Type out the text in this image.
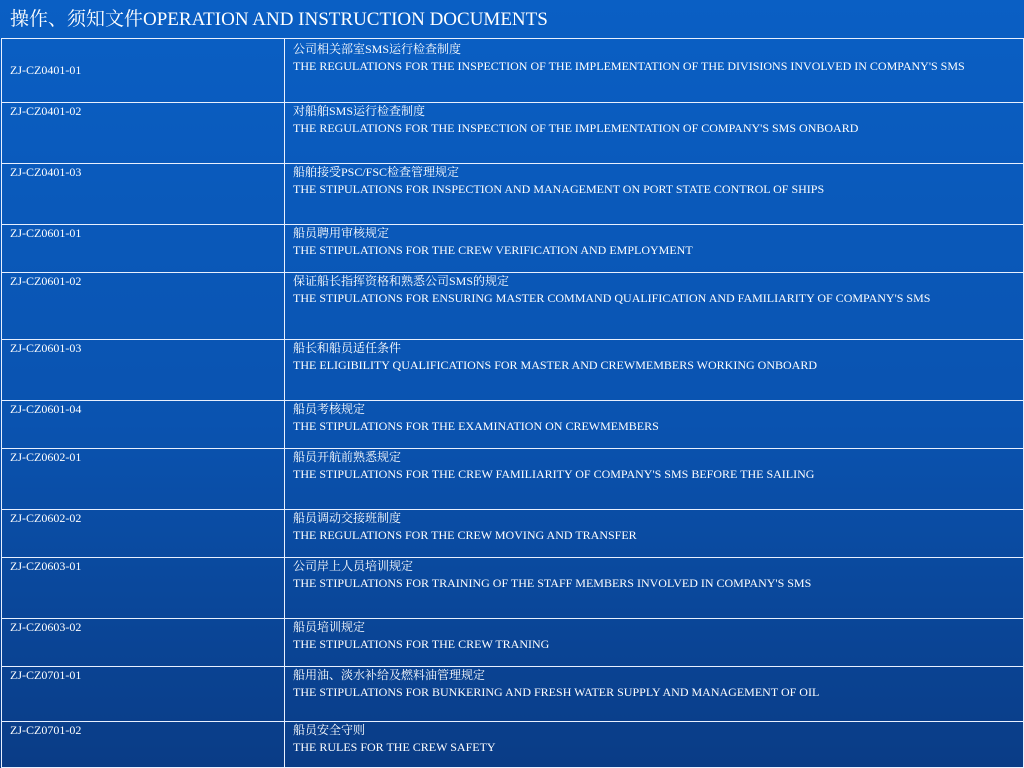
操作、须知文件OPERATION AND INSTRUCTION DOCUMENTS
ZJ-CZ0401-01	公司相关部室SMS运行检查制度
THE REGULATIONS FOR THE INSPECTION OF THE IMPLEMENTATION OF THE DIVISIONS INVOLVED IN COMPANY'S SMS

ZJ-CZ0401-02	对船舶SMS运行检查制度
THE REGULATIONS FOR THE INSPECTION OF THE IMPLEMENTATION OF COMPANY'S SMS ONBOARD

ZJ-CZ0401-03	船舶接受PSC/FSC检查管理规定
THE STIPULATIONS FOR INSPECTION AND MANAGEMENT ON PORT STATE CONTROL OF SHIPS

ZJ-CZ0601-01	船员聘用审核规定
THE STIPULATIONS FOR THE CREW VERIFICATION AND EMPLOYMENT

ZJ-CZ0601-02	保证船长指挥资格和熟悉公司SMS的规定
THE STIPULATIONS FOR ENSURING MASTER COMMAND QUALIFICATION AND FAMILIARITY OF COMPANY'S SMS

ZJ-CZ0601-03	船长和船员适任条件
THE ELIGIBILITY QUALIFICATIONS FOR MASTER AND CREWMEMBERS WORKING ONBOARD

ZJ-CZ0601-04	船员考核规定
THE STIPULATIONS FOR THE EXAMINATION ON CREWMEMBERS

ZJ-CZ0602-01	船员开航前熟悉规定
THE STIPULATIONS FOR THE CREW FAMILIARITY OF COMPANY'S SMS BEFORE THE SAILING

ZJ-CZ0602-02	船员调动交接班制度
THE REGULATIONS FOR THE CREW MOVING AND TRANSFER

ZJ-CZ0603-01	公司岸上人员培训规定
THE STIPULATIONS FOR TRAINING OF THE STAFF MEMBERS INVOLVED IN COMPANY'S SMS

ZJ-CZ0603-02	船员培训规定
THE STIPULATIONS FOR THE CREW TRANING

ZJ-CZ0701-01	船用油、淡水补给及燃料油管理规定
THE STIPULATIONS FOR BUNKERING AND FRESH WATER SUPPLY AND MANAGEMENT OF OIL

ZJ-CZ0701-02	船员安全守则
THE RULES FOR THE CREW SAFETY
